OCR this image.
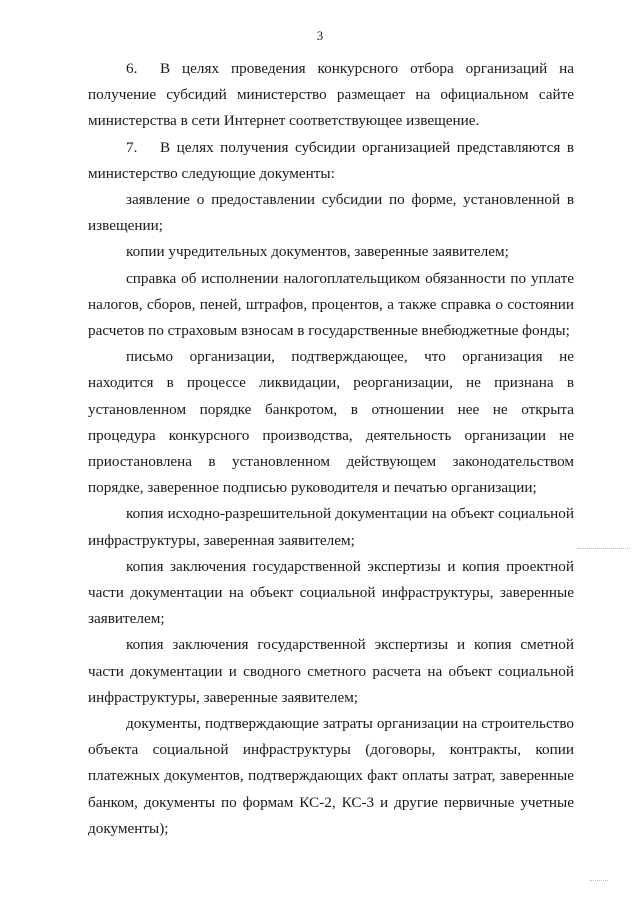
3

6. В целях проведения конкурсного отбора организаций на получение субсидий министерство размещает на официальном сайте министерства в сети Интернет соответствующее извещение.

7. В целях получения субсидии организацией представляются в министерство следующие документы:

заявление о предоставлении субсидии по форме, установленной в извещении;

копии учредительных документов, заверенные заявителем;

справка об исполнении налогоплательщиком обязанности по уплате налогов, сборов, пеней, штрафов, процентов, а также справка о состоянии расчетов по страховым взносам в государственные внебюджетные фонды;

письмо организации, подтверждающее, что организация не находится в процессе ликвидации, реорганизации, не признана в установленном порядке банкротом, в отношении нее не открыта процедура конкурсного производства, деятельность организации не приостановлена в установленном действующем законодательством порядке, заверенное подписью руководителя и печатью организации;

копия исходно-разрешительной документации на объект социальной инфраструктуры, заверенная заявителем;

копия заключения государственной экспертизы и копия проектной части документации на объект социальной инфраструктуры, заверенные заявителем;

копия заключения государственной экспертизы и копия сметной части документации и сводного сметного расчета на объект социальной инфраструктуры, заверенные заявителем;

документы, подтверждающие затраты организации на строительство объекта социальной инфраструктуры (договоры, контракты, копии платежных документов, подтверждающих факт оплаты затрат, заверенные банком, документы по формам КС-2, КС-3 и другие первичные учетные документы);
